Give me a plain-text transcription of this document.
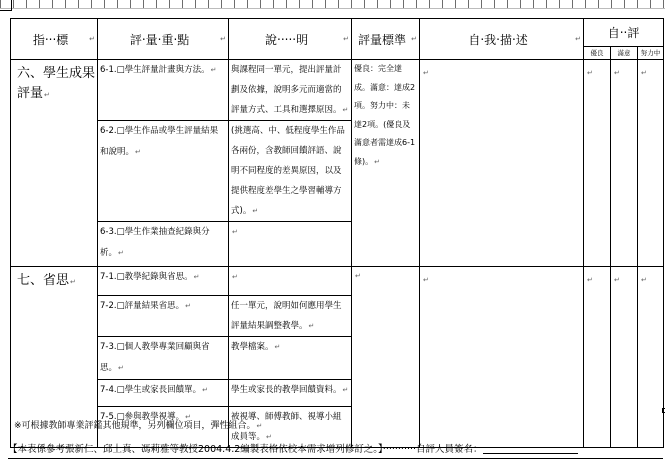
指‧‧‧標 ↵	評‧量‧重‧點 ↵	說‧‧‧‧‧明 ↵	評量標準 ↵	自‧我‧描‧述 ↵	自‧‧評		
					優良	滿意	努力中
六、學生成果評量↵	6-1.□學生評量計畫與方法。↵	與課程同一單元，提出評量計劃及依據，說明多元而適當的評量方式、工具和選擇原因。↵	優良：完全達成。滿意：達成2項。努力中：未達2項。(優良及滿意者需達成6-1條)。↵	↵	↵	↵	↵
	6-2.□學生作品或學生評量結果和說明。↵	(挑選高、中、低程度學生作品各兩份，含教師回饋評語、說明不同程度的差異原因，以及提供程度差學生之學習輔導方式)。↵					
	6-3.□學生作業抽查紀錄與分析。↵	↵					
七、省思↵	7-1.□教學紀錄與省思。↵	↵	↵	↵	↵	↵	↵
	7-2.□評量結果省思。↵	任一單元，說明如何應用學生評量結果調整教學。↵					
	7-3.□個人教學專業回顧與省思。↵	教學檔案。↵					
	7-4.□學生或家長回饋單。↵	學生或家長的教學回饋資料。↵					
	7-5.□參與教學視導。↵	被視導、師傅教師、視導小組成員等。↵					
※可根據教師專業評鑑其他規準，另列欄位項目，彈性組合。↵
【本表係參考張新仁、邱上真、馮莉雅等教授2004.4.2編製表格依校本需求增列修訂之。】‧‧‧‧‧‧‧‧‧‧‧自評人員簽名：
